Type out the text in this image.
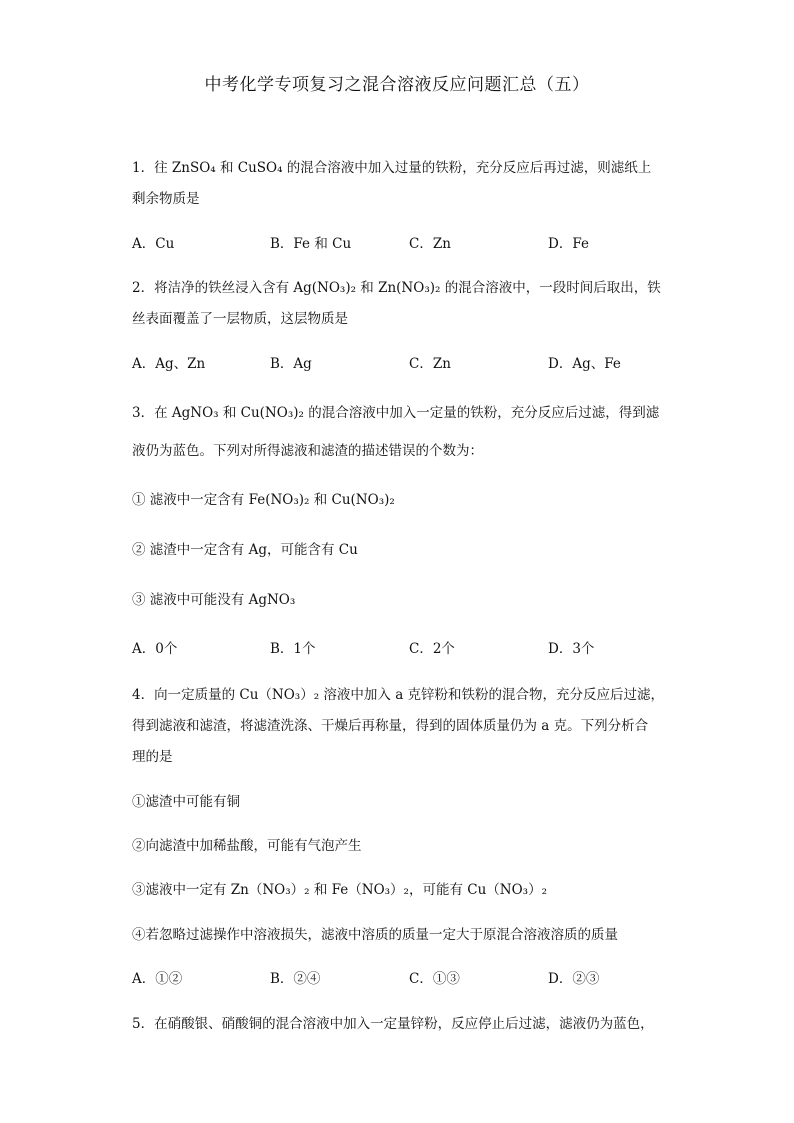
中考化学专项复习之混合溶液反应问题汇总（五）
1．往 ZnSO₄ 和 CuSO₄ 的混合溶液中加入过量的铁粉，充分反应后再过滤，则滤纸上
剩余物质是
A．Cu	B．Fe 和 Cu	C．Zn	D．Fe
2．将洁净的铁丝浸入含有 Ag(NO₃)₂ 和 Zn(NO₃)₂ 的混合溶液中，一段时间后取出，铁
丝表面覆盖了一层物质，这层物质是
A．Ag、Zn	B．Ag	C．Zn	D．Ag、Fe
3．在 AgNO₃ 和 Cu(NO₃)₂ 的混合溶液中加入一定量的铁粉，充分反应后过滤，得到滤
液仍为蓝色。下列对所得滤液和滤渣的描述错误的个数为：
① 滤液中一定含有 Fe(NO₃)₂ 和 Cu(NO₃)₂
② 滤渣中一定含有 Ag，可能含有 Cu
③ 滤液中可能没有 AgNO₃
A．0个	B．1个	C．2个	D．3个
4．向一定质量的 Cu（NO₃）₂ 溶液中加入 a 克锌粉和铁粉的混合物，充分反应后过滤，
得到滤液和滤渣，将滤渣洗涤、干燥后再称量，得到的固体质量仍为 a 克。下列分析合
理的是
①滤渣中可能有铜
②向滤渣中加稀盐酸，可能有气泡产生
③滤液中一定有 Zn（NO₃）₂ 和 Fe（NO₃）₂，可能有 Cu（NO₃）₂
④若忽略过滤操作中溶液损失，滤液中溶质的质量一定大于原混合溶液溶质的质量
A．①②	B．②④	C．①③	D．②③
5．在硝酸银、硝酸铜的混合溶液中加入一定量锌粉，反应停止后过滤，滤液仍为蓝色，
